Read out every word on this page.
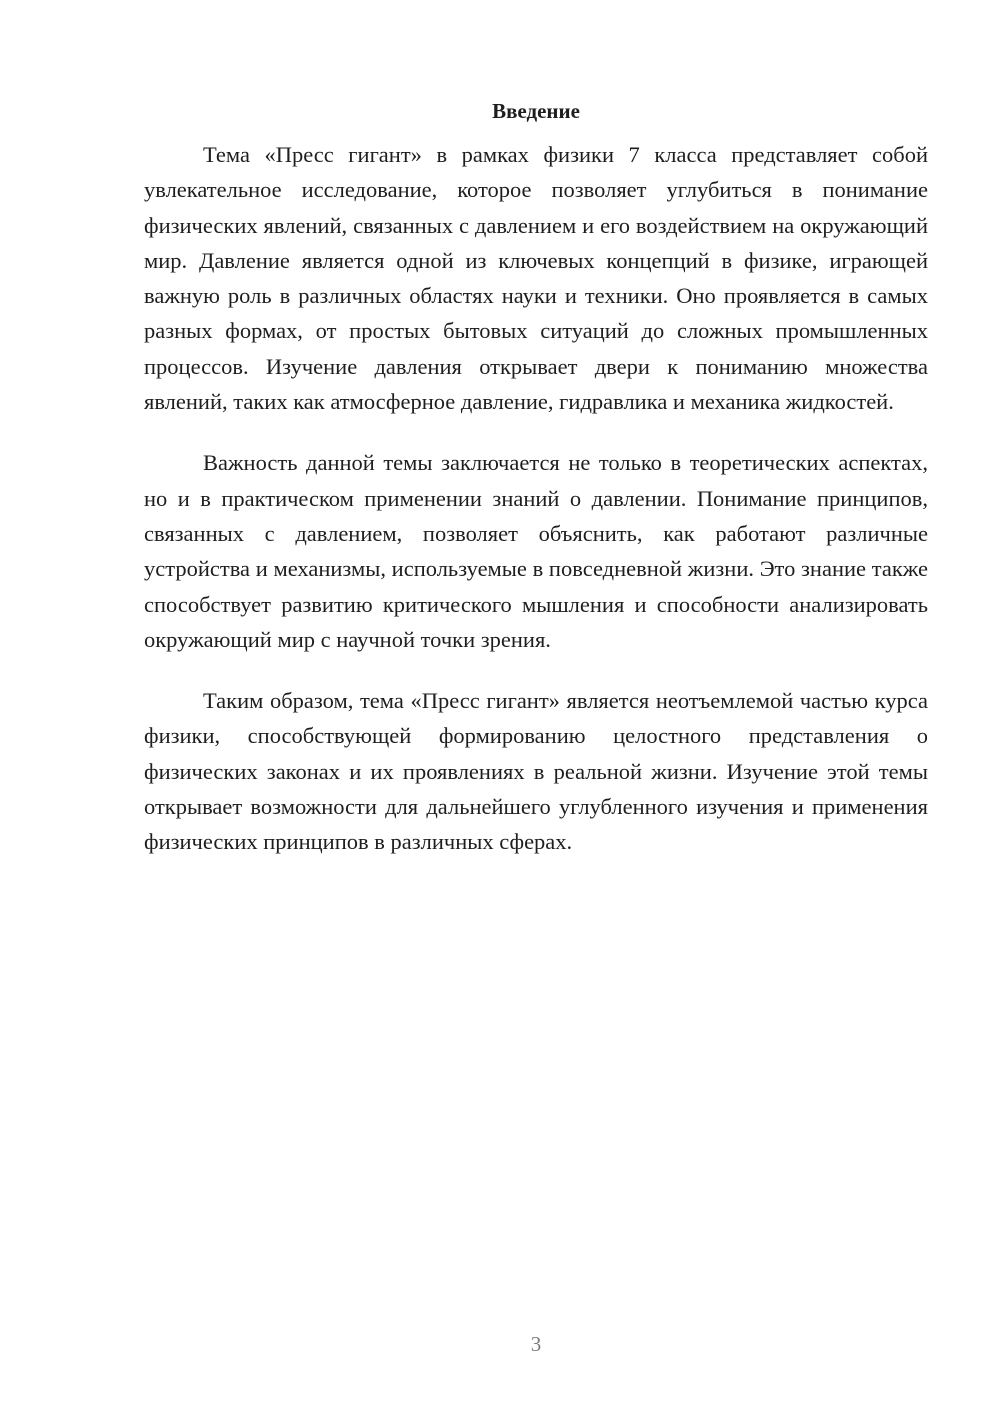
Введение

Тема «Пресс гигант» в рамках физики 7 класса представляет собой увлекательное исследование, которое позволяет углубиться в понимание физических явлений, связанных с давлением и его воздействием на окружающий мир. Давление является одной из ключевых концепций в физике, играющей важную роль в различных областях науки и техники. Оно проявляется в самых разных формах, от простых бытовых ситуаций до сложных промышленных процессов. Изучение давления открывает двери к пониманию множества явлений, таких как атмосферное давление, гидравлика и механика жидкостей.

Важность данной темы заключается не только в теоретических аспектах, но и в практическом применении знаний о давлении. Понимание принципов, связанных с давлением, позволяет объяснить, как работают различные устройства и механизмы, используемые в повседневной жизни. Это знание также способствует развитию критического мышления и способности анализировать окружающий мир с научной точки зрения.

Таким образом, тема «Пресс гигант» является неотъемлемой частью курса физики, способствующей формированию целостного представления о физических законах и их проявлениях в реальной жизни. Изучение этой темы открывает возможности для дальнейшего углубленного изучения и применения физических принципов в различных сферах.

3
